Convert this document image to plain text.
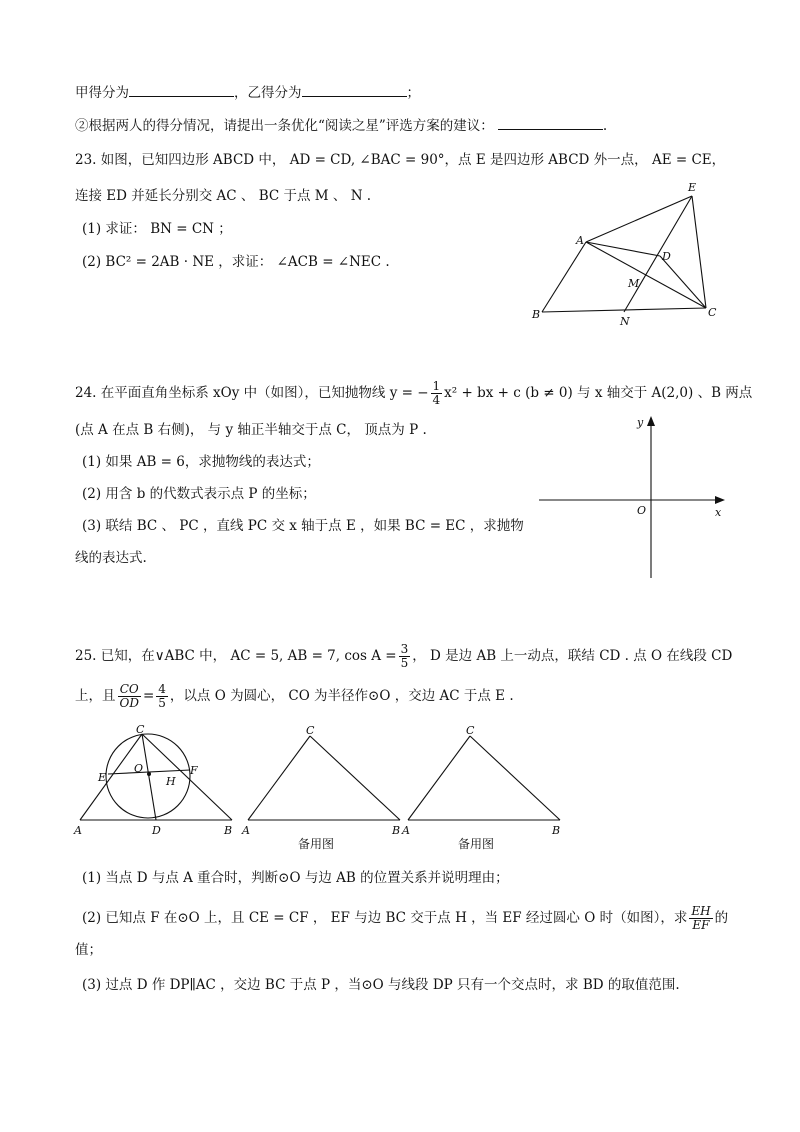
甲得分为	，乙得分为	；
②根据两人的得分情况，请提出一条优化“阅读之星”评选方案的建议：	.
23. 如图，已知四边形 ABCD 中， AD = CD, ∠BAC = 90°，点 E 是四边形 ABCD 外一点， AE = CE，
连接 ED 并延长分别交 AC 、 BC 于点 M 、 N .
(1) 求证： BN = CN ；
(2) BC² = 2AB · NE ，求证： ∠ACB = ∠NEC .
E
A
D
M
B
N
C
24. 在平面直角坐标系 xOy 中（如图），已知抛物线 y = − $\frac{1}{4} x^2$ + bx + c (b ≠ 0) 与 x 轴交于 A(2,0) 、B 两点
(点 A 在点 B 右侧)， 与 y 轴正半轴交于点 C， 顶点为 P .
(1) 如果 AB = 6，求抛物线的表达式；
(2) 用含 b 的代数式表示点 P 的坐标；
(3) 联结 BC 、 PC ，直线 PC 交 x 轴于点 E ，如果 BC = EC ，求抛物
线的表达式.
x
y
O
25. 已知，在∨ABC 中， AC = 5, AB = 7, $\cos A = \frac{3}{5}$ ， D 是边 AB 上一动点，联结 CD . 点 O 在线段 CD
上，且 $\frac{CO}{OD} = \frac{4}{5}$ ，以点 O 为圆心， CO 为半径作⊙O ，交边 AC 于点 E .
C
O
E
F
H
A	D	B
C
A	B
备用图
C
A	B
备用图
(1) 当点 D 与点 A 重合时，判断⊙O 与边 AB 的位置关系并说明理由；
(2) 已知点 F 在⊙O 上，且 CE = CF ， EF 与边 BC 交于点 H ，当 EF 经过圆心 O 时（如图），求 $\frac{EH}{EF}$ 的
值；
(3) 过点 D 作 DP∥AC ，交边 BC 于点 P ，当⊙O 与线段 DP 只有一个交点时，求 BD 的取值范围.
